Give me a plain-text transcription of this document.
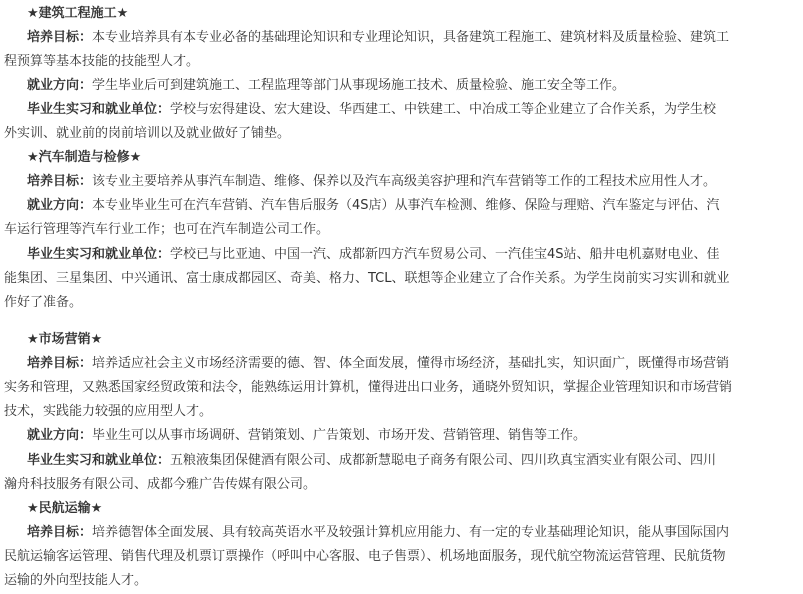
★建筑工程施工★
培养目标：本专业培养具有本专业必备的基础理论知识和专业理论知识，具备建筑工程施工、建筑材料及质量检验、建筑工
程预算等基本技能的技能型人才。
就业方向：学生毕业后可到建筑施工、工程监理等部门从事现场施工技术、质量检验、施工安全等工作。
毕业生实习和就业单位：学校与宏得建设、宏大建设、华西建工、中铁建工、中冶成工等企业建立了合作关系，为学生校
外实训、就业前的岗前培训以及就业做好了铺垫。
★汽车制造与检修★
培养目标：该专业主要培养从事汽车制造、维修、保养以及汽车高级美容护理和汽车营销等工作的工程技术应用性人才。
就业方向：本专业毕业生可在汽车营销、汽车售后服务（4S店）从事汽车检测、维修、保险与理赔、汽车鉴定与评估、汽
车运行管理等汽车行业工作；也可在汽车制造公司工作。
毕业生实习和就业单位：学校已与比亚迪、中国一汽、成都新四方汽车贸易公司、一汽佳宝4S站、船井电机嘉财电业、佳
能集团、三星集团、中兴通讯、富士康成都园区、奇美、格力、TCL、联想等企业建立了合作关系。为学生岗前实习实训和就业
作好了准备。
★市场营销★
培养目标：培养适应社会主义市场经济需要的德、智、体全面发展，懂得市场经济，基础扎实，知识面广，既懂得市场营销
实务和管理，又熟悉国家经贸政策和法令，能熟练运用计算机，懂得进出口业务，通晓外贸知识，掌握企业管理知识和市场营销
技术，实践能力较强的应用型人才。
就业方向：毕业生可以从事市场调研、营销策划、广告策划、市场开发、营销管理、销售等工作。
毕业生实习和就业单位：五粮液集团保健酒有限公司、成都新慧聪电子商务有限公司、四川玖真宝酒实业有限公司、四川
瀚舟科技服务有限公司、成都今雅广告传媒有限公司。
★民航运输★
培养目标：培养德智体全面发展、具有较高英语水平及较强计算机应用能力、有一定的专业基础理论知识，能从事国际国内
民航运输客运管理、销售代理及机票订票操作（呼叫中心客服、电子售票）、机场地面服务，现代航空物流运营管理、民航货物
运输的外向型技能人才。
